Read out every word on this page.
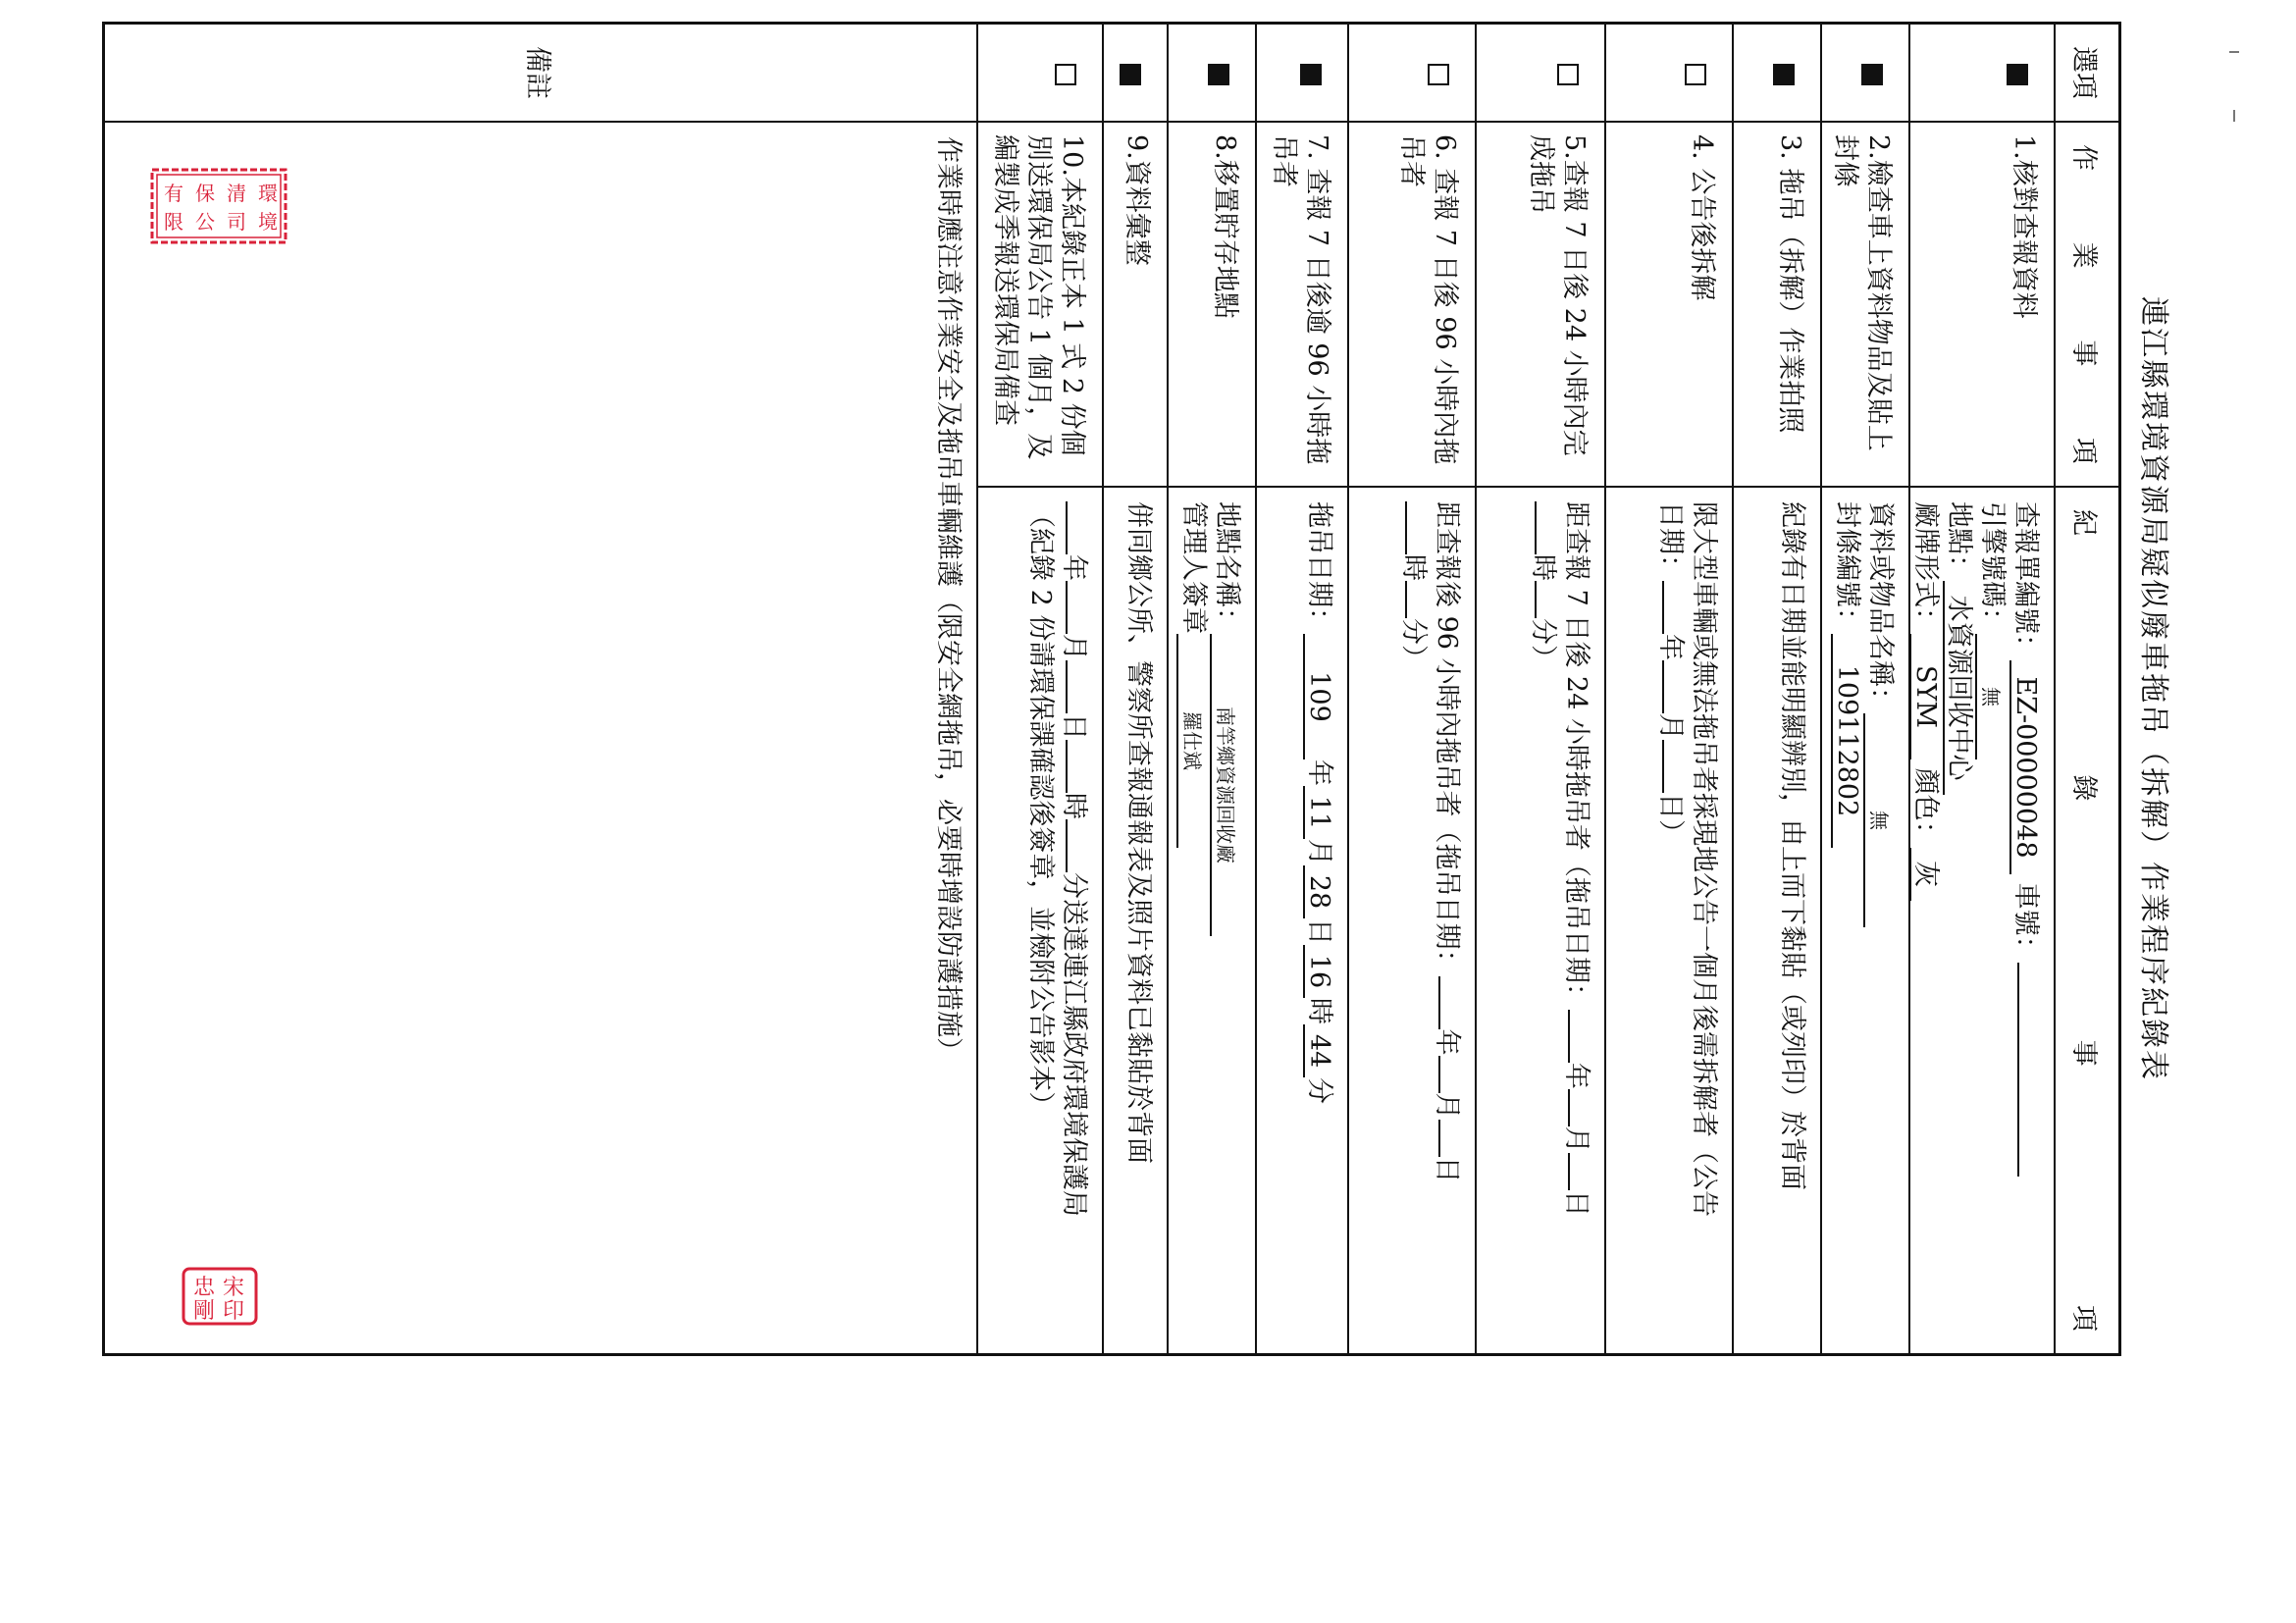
連江縣環境資源局疑似廢車拖吊（拆解）作業程序紀錄表
選項
作
業
事
項
紀
錄
事
項
1.核對查報資料
查報單編號：EZ-00000048 車號：
引擎號碼：無
地點：水資源回收中心
廠牌形式：SYM 顏色：灰
2.檢查車上資料物品及貼上封條
資料或物品名稱：無
封條編號：109112802
3. 拖吊（拆解）作業拍照
紀錄有日期並能明顯辨別，由上而下黏貼（或列印）於背面
4. 公告後拆解
限大型車輛或無法拖吊者採現地公告一個月後需拆解者（公告
日期：年月日）
5.查報 7 日後 24 小時內完成拖吊
距查報 7 日後 24 小時拖吊者（拖吊日期：年月日
時分）
6. 查報 7 日後 96 小時內拖吊者
距查報後 96 小時內拖吊者（拖吊日期：年月日
時分）
7. 查報 7 日後逾 96 小時拖吊者
拖吊日期：109年11月28日16時44分
8.移置貯存地點
地點名稱：南竿鄉資源回收廠
管理人簽章羅仕斌
9.資料彙整
併同鄉公所、警察所查報通報表及照片資料已黏貼於背面
10.本紀錄正本 1 式 2 份個別送環保局公告 1 個月，及編製成季報送環保局備查
年月日時分送達連江縣政府環境保護局
（紀錄 2 份請環保課確認後簽章，並檢附公告影本）
備註
作業時應注意作業安全及拖吊車輛維護（限安全網拖吊，必要時增設防護措施）
有 保 清 環
限 公 司 境
忠 宋
剛 印
